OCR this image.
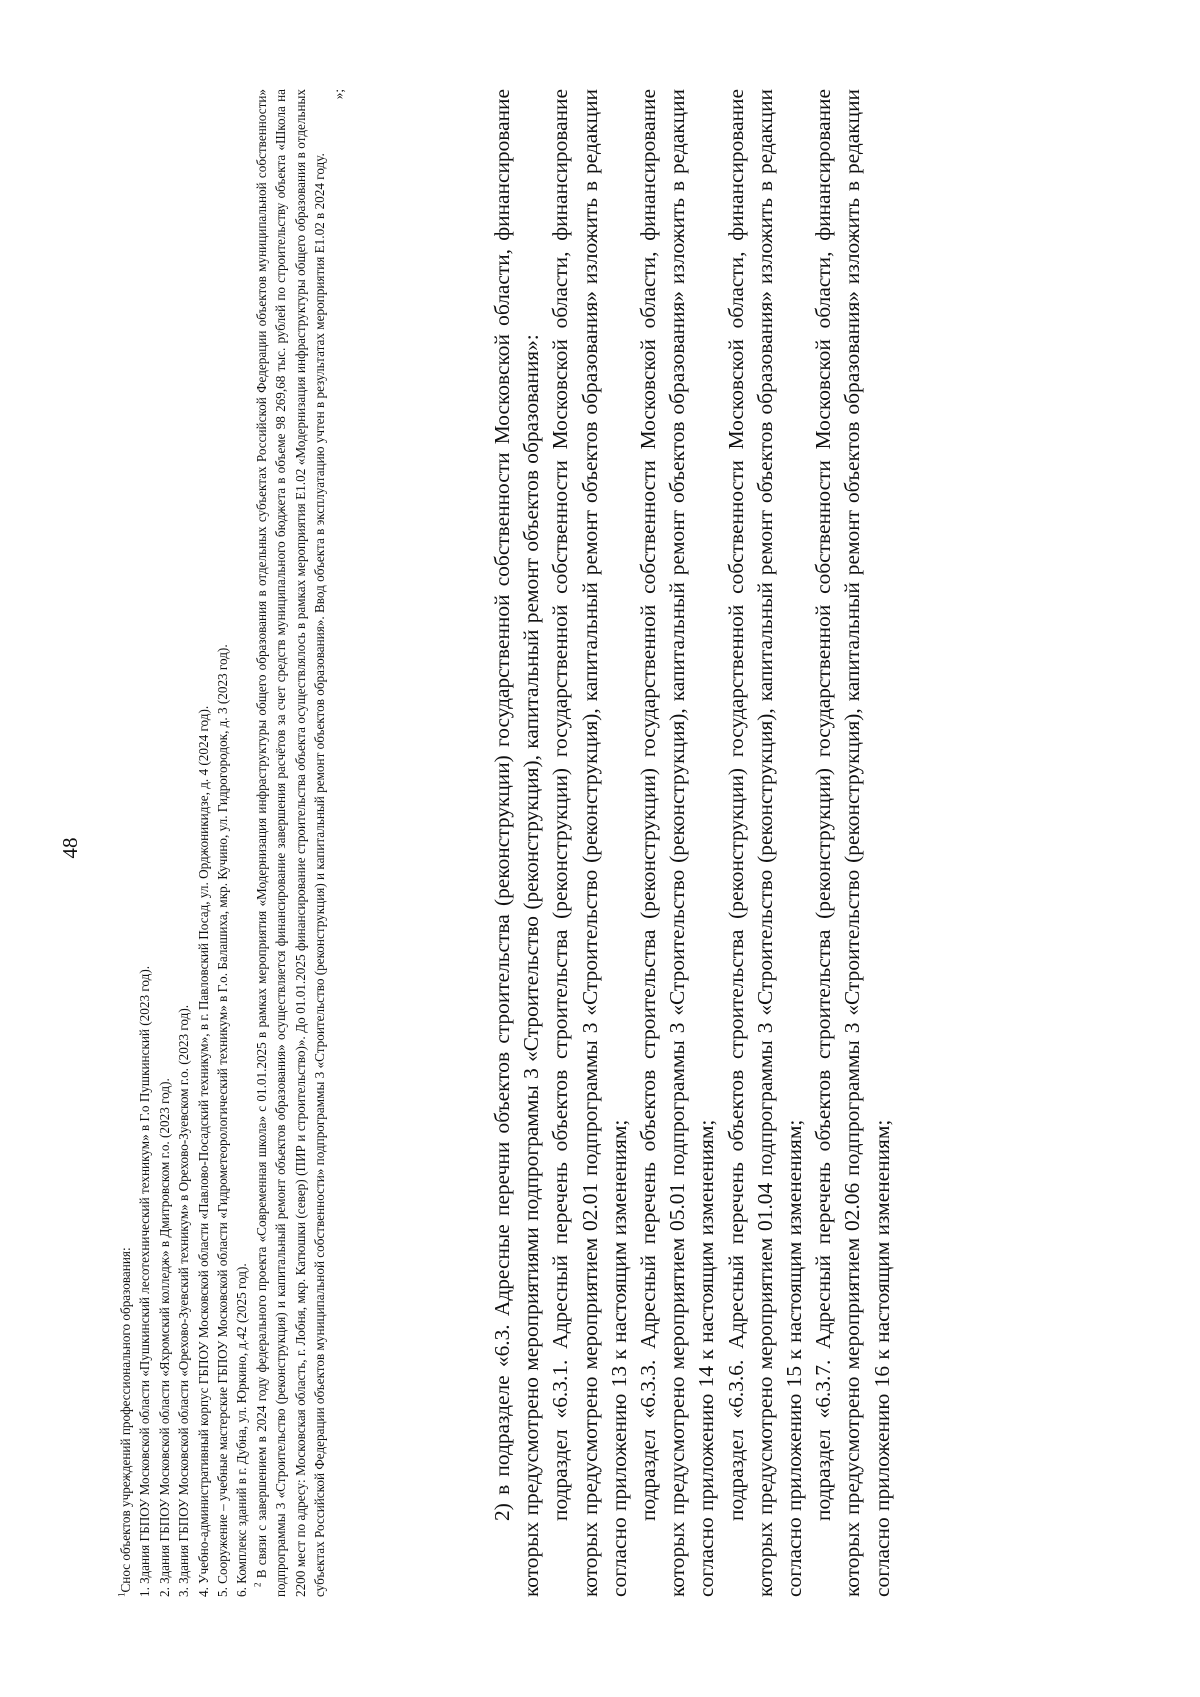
48

$^1$Снос объектов учреждений профессионального образования: 1. Здания ГБПОУ Московской области «Пушкинский лесотехнический техникум» в Г.о Пушкинский (2023 год). 2. Здания ГБПОУ Московской области «Яхромский колледж» в Дмитровском г.о. (2023 год). 3. Здания ГБПОУ Московской области «Орехово-Зуевский техникум» в Орехово-Зуевском г.о. (2023 год). 4. Учебно-административный корпус ГБПОУ Московской области «Павлово-Посадский техникум», в г. Павловский Посад, ул. Орджоникидзе, д. 4 (2024 год). 5. Сооружение – учебные мастерские ГБПОУ Московской области «Гидрометеорологический техникум» в Г.о. Балашиха, мкр. Кучино, ул. Гидрогородок, д. 3 (2023 год). 6. Комплекс зданий в г. Дубна, ул. Юркино, д.42 (2025 год). $^2$ В связи с завершением в 2024 году федерального проекта «Современная школа» с 01.01.2025 в рамках мероприятия «Модернизация инфраструктуры общего образования в отдельных субъектах Российской Федерации объектов муниципальной собственности» подпрограммы 3 «Строительство (реконструкция) и капитальный ремонт объектов образования» осуществляется финансирование завершения расчётов за счет средств муниципального бюджета в объеме 98 269,68 тыс. рублей по строительству объекта «Школа на 2200 мест по адресу: Московская область, г. Лобня, мкр. Катюшки (север) (ПИР и строительство)». До 01.01.2025 финансирование строительства объекта осуществлялось в рамках мероприятия Е1.02 «Модернизация инфраструктуры общего образования в отдельных субъектах Российской Федерации объектов муниципальной собственности» подпрограммы 3 «Строительство (реконструкция) и капитальный ремонт объектов образования». Ввод объекта в эксплуатацию учтен в результатах мероприятия Е1.02 в 2024 году.

»;	2) в подразделе «6.3. Адресные перечни объектов строительства (реконструкции) государственной собственности Московской области, финансирование которых предусмотрено мероприятиями подпрограммы 3 «Строительство (реконструкция), капитальный ремонт объектов образования»: подраздел «6.3.1. Адресный перечень объектов строительства (реконструкции) государственной собственности Московской области, финансирование которых предусмотрено мероприятием 02.01 подпрограммы 3 «Строительство (реконструкция), капитальный ремонт объектов образования» изложить в редакции согласно приложению 13 к настоящим изменениям; подраздел «6.3.3. Адресный перечень объектов строительства (реконструкции) государственной собственности Московской области, финансирование которых предусмотрено мероприятием 05.01 подпрограммы 3 «Строительство (реконструкция), капитальный ремонт объектов образования» изложить в редакции согласно приложению 14 к настоящим изменениям; подраздел «6.3.6. Адресный перечень объектов строительства (реконструкции) государственной собственности Московской области, финансирование которых предусмотрено мероприятием 01.04 подпрограммы 3 «Строительство (реконструкция), капитальный ремонт объектов образования» изложить в редакции согласно приложению 15 к настоящим изменениям; подраздел «6.3.7. Адресный перечень объектов строительства (реконструкции) государственной собственности Московской области, финансирование которых предусмотрено мероприятием 02.06 подпрограммы 3 «Строительство (реконструкция), капитальный ремонт объектов образования» изложить в редакции согласно приложению 16 к настоящим изменениям;
